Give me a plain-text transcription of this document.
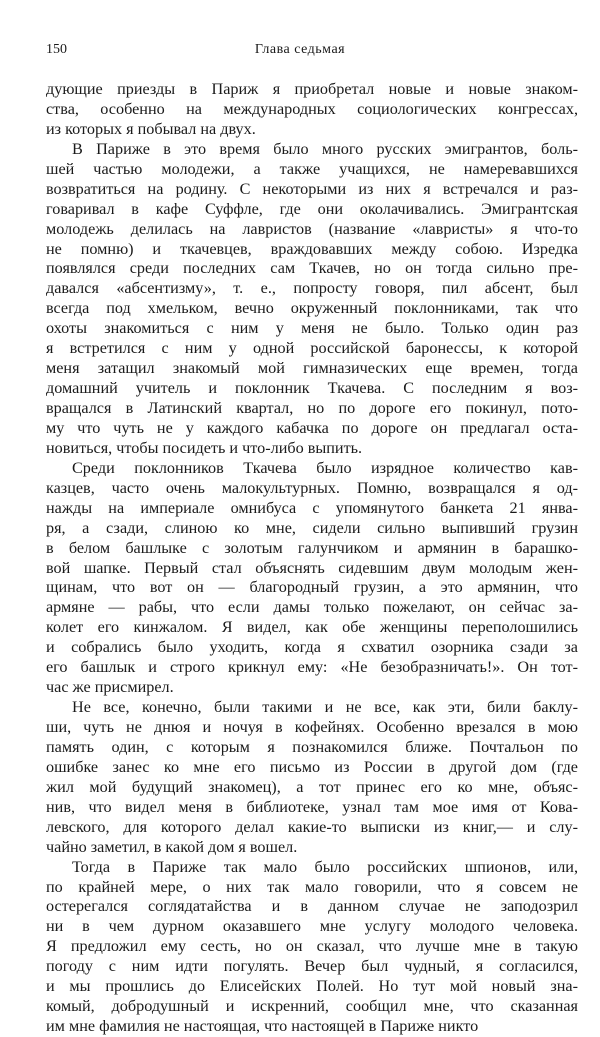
150	Глава седьмая
дующие приезды в Париж я приобретал новые и новые знаком-
ства, особенно на международных социологических конгрессах,
из которых я побывал на двух.
В Париже в это время было много русских эмигрантов, боль-
шей частью молодежи, а также учащихся, не намеревавшихся
возвратиться на родину. С некоторыми из них я встречался и раз-
говаривал в кафе Суффле, где они околачивались. Эмигрантская
молодежь делилась на лавристов (название «лавристы» я что-то
не помню) и ткачевцев, враждовавших между собою. Изредка
появлялся среди последних сам Ткачев, но он тогда сильно пре-
давался «абсентизму», т. е., попросту говоря, пил абсент, был
всегда под хмельком, вечно окруженный поклонниками, так что
охоты знакомиться с ним у меня не было. Только один раз
я встретился с ним у одной российской баронессы, к которой
меня затащил знакомый мой гимназических еще времен, тогда
домашний учитель и поклонник Ткачева. С последним я воз-
вращался в Латинский квартал, но по дороге его покинул, пото-
му что чуть не у каждого кабачка по дороге он предлагал оста-
новиться, чтобы посидеть и что-либо выпить.
Среди поклонников Ткачева было изрядное количество кав-
казцев, часто очень малокультурных. Помню, возвращался я од-
нажды на империале омнибуса с упомянутого банкета 21 янва-
ря, а сзади, слиною ко мне, сидели сильно выпивший грузин
в белом башлыке с золотым галунчиком и армянин в барашко-
вой шапке. Первый стал объяснять сидевшим двум молодым жен-
щинам, что вот он — благородный грузин, а это армянин, что
армяне — рабы, что если дамы только пожелают, он сейчас за-
колет его кинжалом. Я видел, как обе женщины переполошились
и собрались было уходить, когда я схватил озорника сзади за
его башлык и строго крикнул ему: «Не безобразничать!». Он тот-
час же присмирел.
Не все, конечно, были такими и не все, как эти, били баклу-
ши, чуть не днюя и ночуя в кофейнях. Особенно врезался в мою
память один, с которым я познакомился ближе. Почтальон по
ошибке занес ко мне его письмо из России в другой дом (где
жил мой будущий знакомец), а тот принес его ко мне, объяс-
нив, что видел меня в библиотеке, узнал там мое имя от Кова-
левского, для которого делал какие-то выписки из книг,— и слу-
чайно заметил, в какой дом я вошел.
Тогда в Париже так мало было российских шпионов, или,
по крайней мере, о них так мало говорили, что я совсем не
остерегался соглядатайства и в данном случае не заподозрил
ни в чем дурном оказавшего мне услугу молодого человека.
Я предложил ему сесть, но он сказал, что лучше мне в такую
погоду с ним идти погулять. Вечер был чудный, я согласился,
и мы прошлись до Елисейских Полей. Но тут мой новый зна-
комый, добродушный и искренний, сообщил мне, что сказанная
им мне фамилия не настоящая, что настоящей в Париже никто
